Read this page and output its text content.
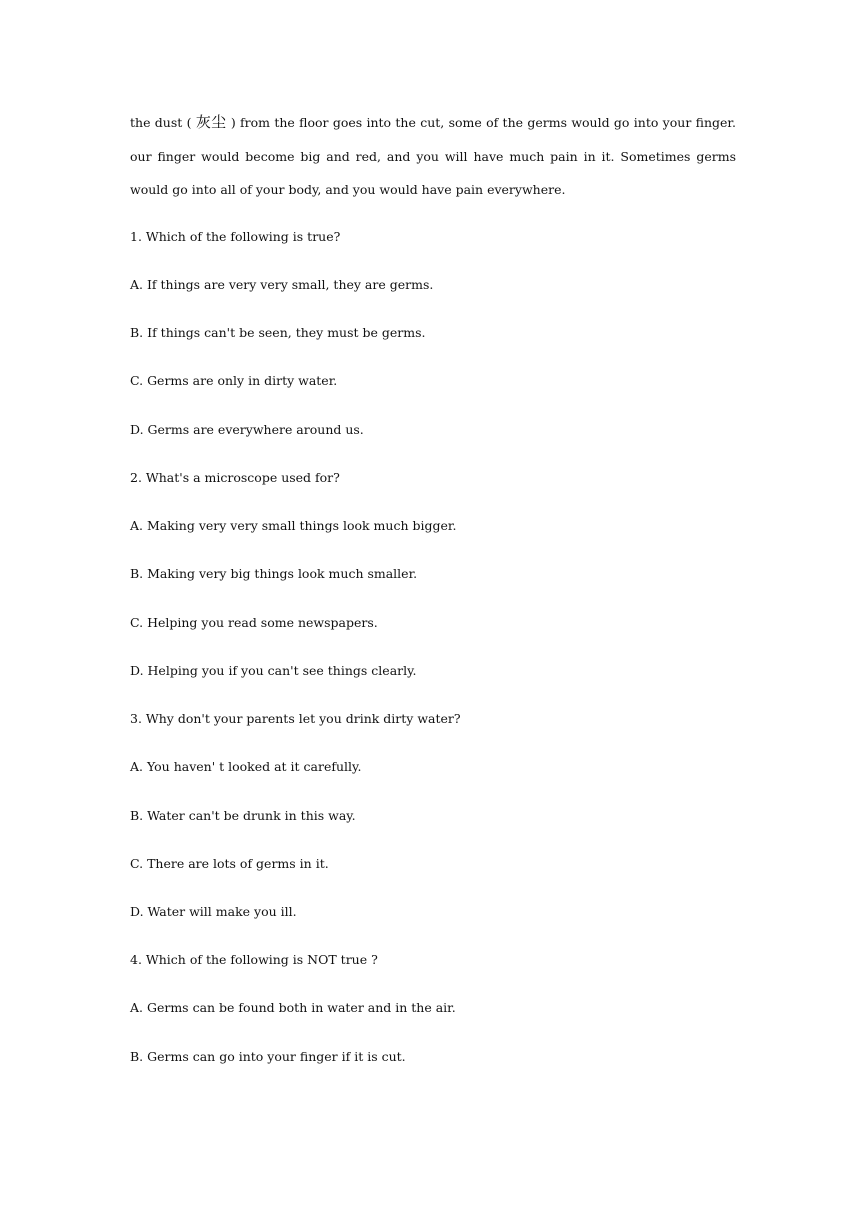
the dust ( 灰尘 ) from the floor goes into the cut, some of the germs would go into your finger. our finger would become big and red, and you will have much pain in it. Sometimes germs would go into all of your body, and you would have pain everywhere.

1. Which of the following is true?

A. If things are very very small, they are germs.

B. If things can't be seen, they must be germs.

C. Germs are only in dirty water.

D. Germs are everywhere around us.

2. What's a microscope used for?

A. Making very very small things look much bigger.

B. Making very big things look much smaller.

C. Helping you read some newspapers.

D. Helping you if you can't see things clearly.

3. Why don't your parents let you drink dirty water?

A. You haven' t looked at it carefully.

B. Water can't be drunk in this way.

C. There are lots of germs in it.

D. Water will make you ill.

4. Which of the following is NOT true ?

A. Germs can be found both in water and in the air.

B. Germs can go into your finger if it is cut.
